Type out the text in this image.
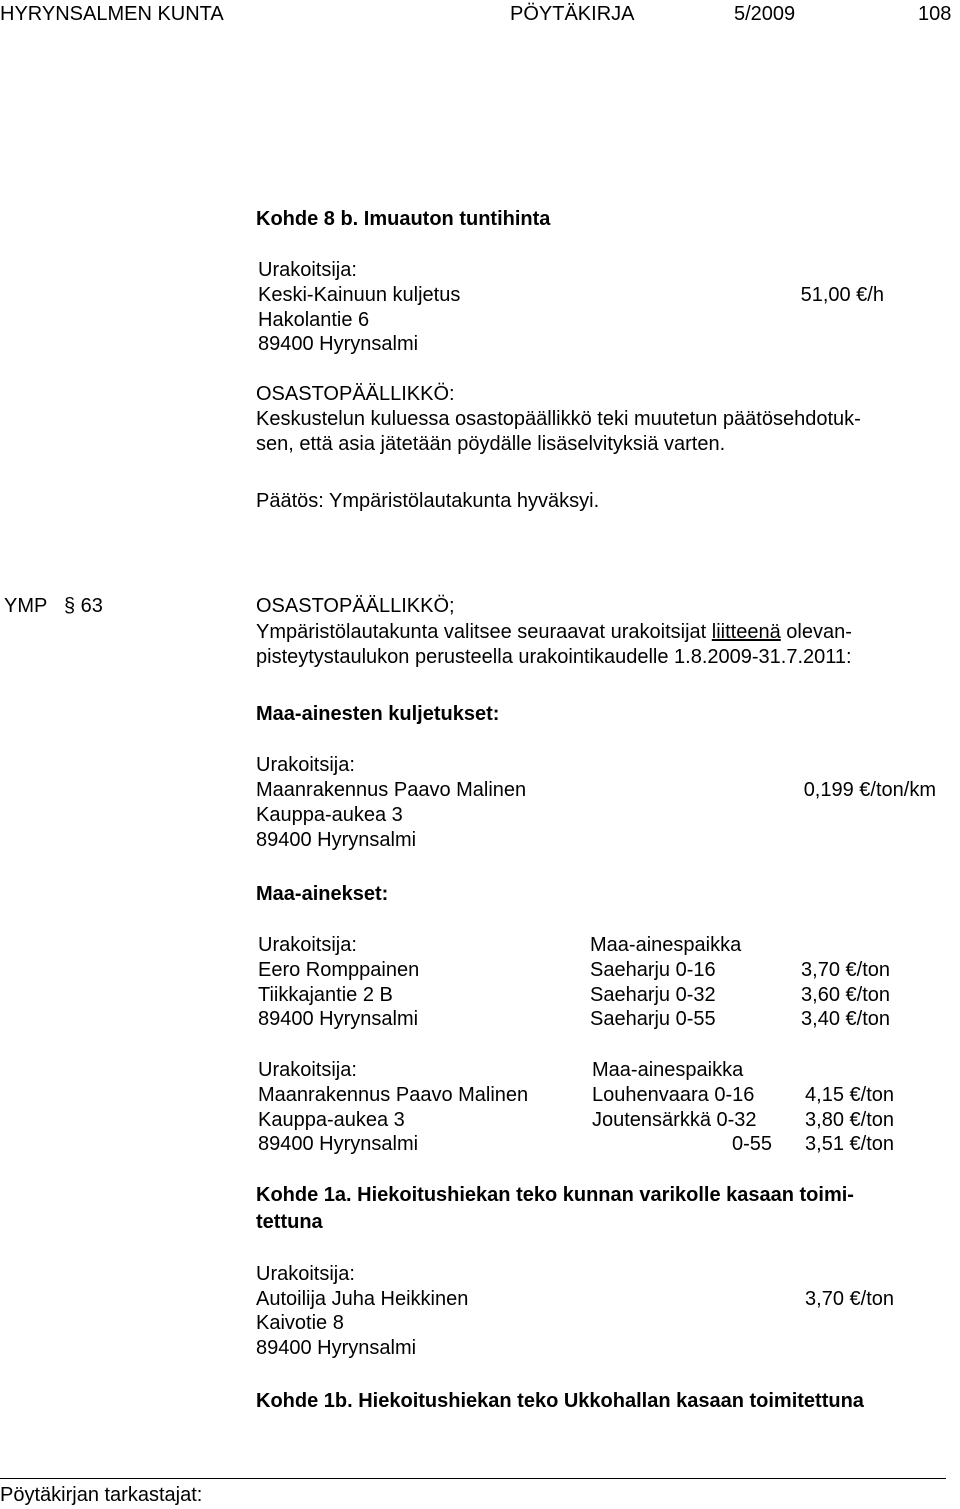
HYRYNSALMEN KUNTA	PÖYTÄKIRJA	5/2009	108
Kohde 8 b. Imuauton tuntihinta
Urakoitsija:
Keski-Kainuun kuljetus	51,00 €/h
Hakolantie 6
89400 Hyrynsalmi
OSASTOPÄÄLLIKKÖ:
Keskustelun kuluessa osastopäällikkö teki muutetun päätösehdotuk-
sen, että asia jätetään pöydälle lisäselvityksiä varten.
Päätös: Ympäristölautakunta hyväksyi.
YMP § 63	OSASTOPÄÄLLIKKÖ;
Ympäristölautakunta valitsee seuraavat urakoitsijat liitteenä olevan-
pisteytystaulukon perusteella urakointikaudelle 1.8.2009-31.7.2011:
Maa-ainesten kuljetukset:
Urakoitsija:
Maanrakennus Paavo Malinen	0,199 €/ton/km
Kauppa-aukea 3
89400 Hyrynsalmi
Maa-ainekset:
Urakoitsija:	Maa-ainespaikka
Eero Romppainen	Saeharju 0-16	3,70 €/ton
Tiikkajantie 2 B	Saeharju 0-32	3,60 €/ton
89400 Hyrynsalmi	Saeharju 0-55	3,40 €/ton
Urakoitsija:	Maa-ainespaikka
Maanrakennus Paavo Malinen	Louhenvaara 0-16	4,15 €/ton
Kauppa-aukea 3	Joutensärkkä 0-32	3,80 €/ton
89400 Hyrynsalmi	0-55	3,51 €/ton
Kohde 1a. Hiekoitushiekan teko kunnan varikolle kasaan toimi-
tettuna
Urakoitsija:
Autoilija Juha Heikkinen	3,70 €/ton
Kaivotie 8
89400 Hyrynsalmi
Kohde 1b. Hiekoitushiekan teko Ukkohallan kasaan toimitettuna
Pöytäkirjan tarkastajat:
